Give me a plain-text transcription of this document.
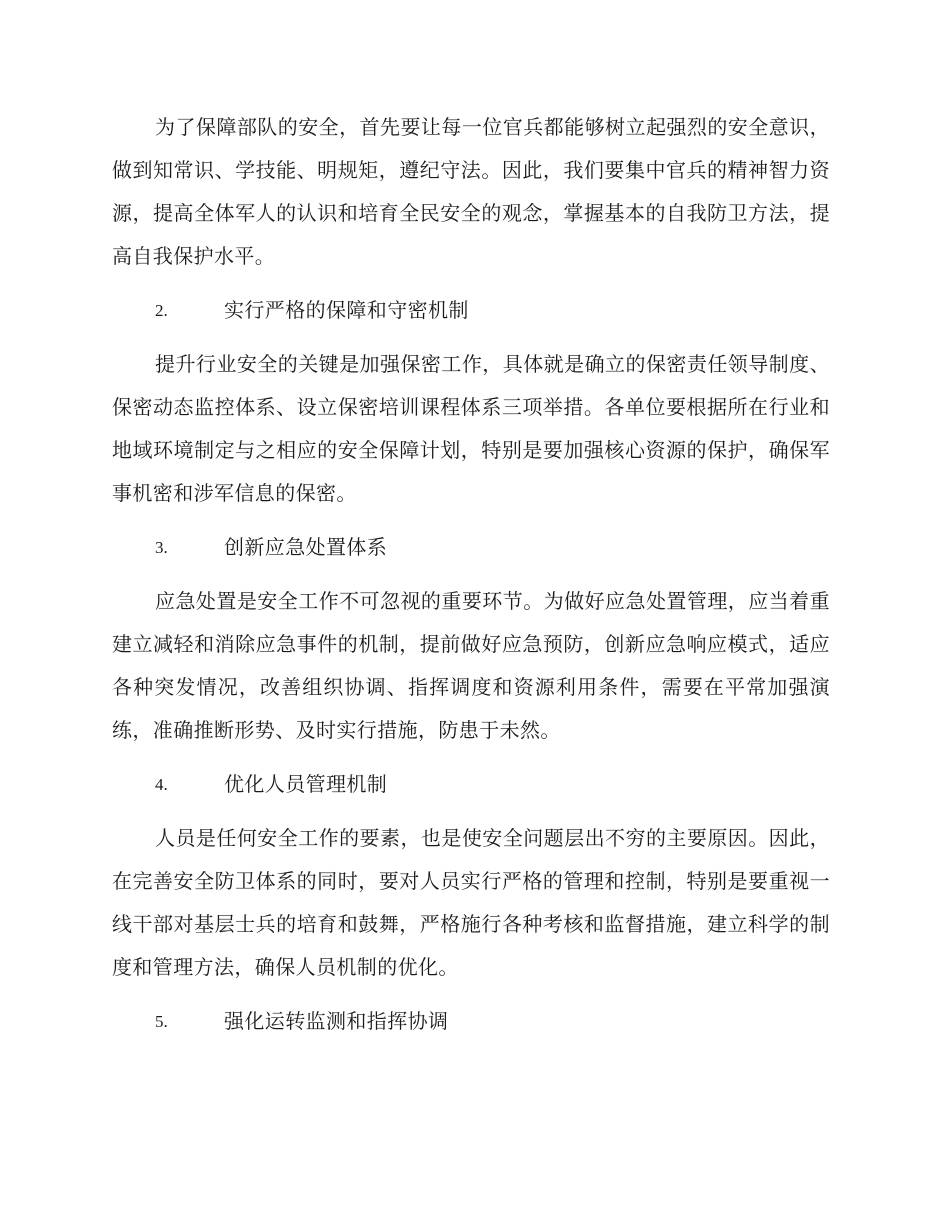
为了保障部队的安全，首先要让每一位官兵都能够树立起强烈的安全意识，做到知常识、学技能、明规矩，遵纪守法。因此，我们要集中官兵的精神智力资源，提高全体军人的认识和培育全民安全的观念，掌握基本的自我防卫方法，提高自我保护水平。

2.	实行严格的保障和守密机制

提升行业安全的关键是加强保密工作，具体就是确立的保密责任领导制度、保密动态监控体系、设立保密培训课程体系三项举措。各单位要根据所在行业和地域环境制定与之相应的安全保障计划，特别是要加强核心资源的保护，确保军事机密和涉军信息的保密。

3.	创新应急处置体系

应急处置是安全工作不可忽视的重要环节。为做好应急处置管理，应当着重建立减轻和消除应急事件的机制，提前做好应急预防，创新应急响应模式，适应各种突发情况，改善组织协调、指挥调度和资源利用条件，需要在平常加强演练，准确推断形势、及时实行措施，防患于未然。

4.	优化人员管理机制

人员是任何安全工作的要素，也是使安全问题层出不穷的主要原因。因此，在完善安全防卫体系的同时，要对人员实行严格的管理和控制，特别是要重视一线干部对基层士兵的培育和鼓舞，严格施行各种考核和监督措施，建立科学的制度和管理方法，确保人员机制的优化。

5.	强化运转监测和指挥协调
